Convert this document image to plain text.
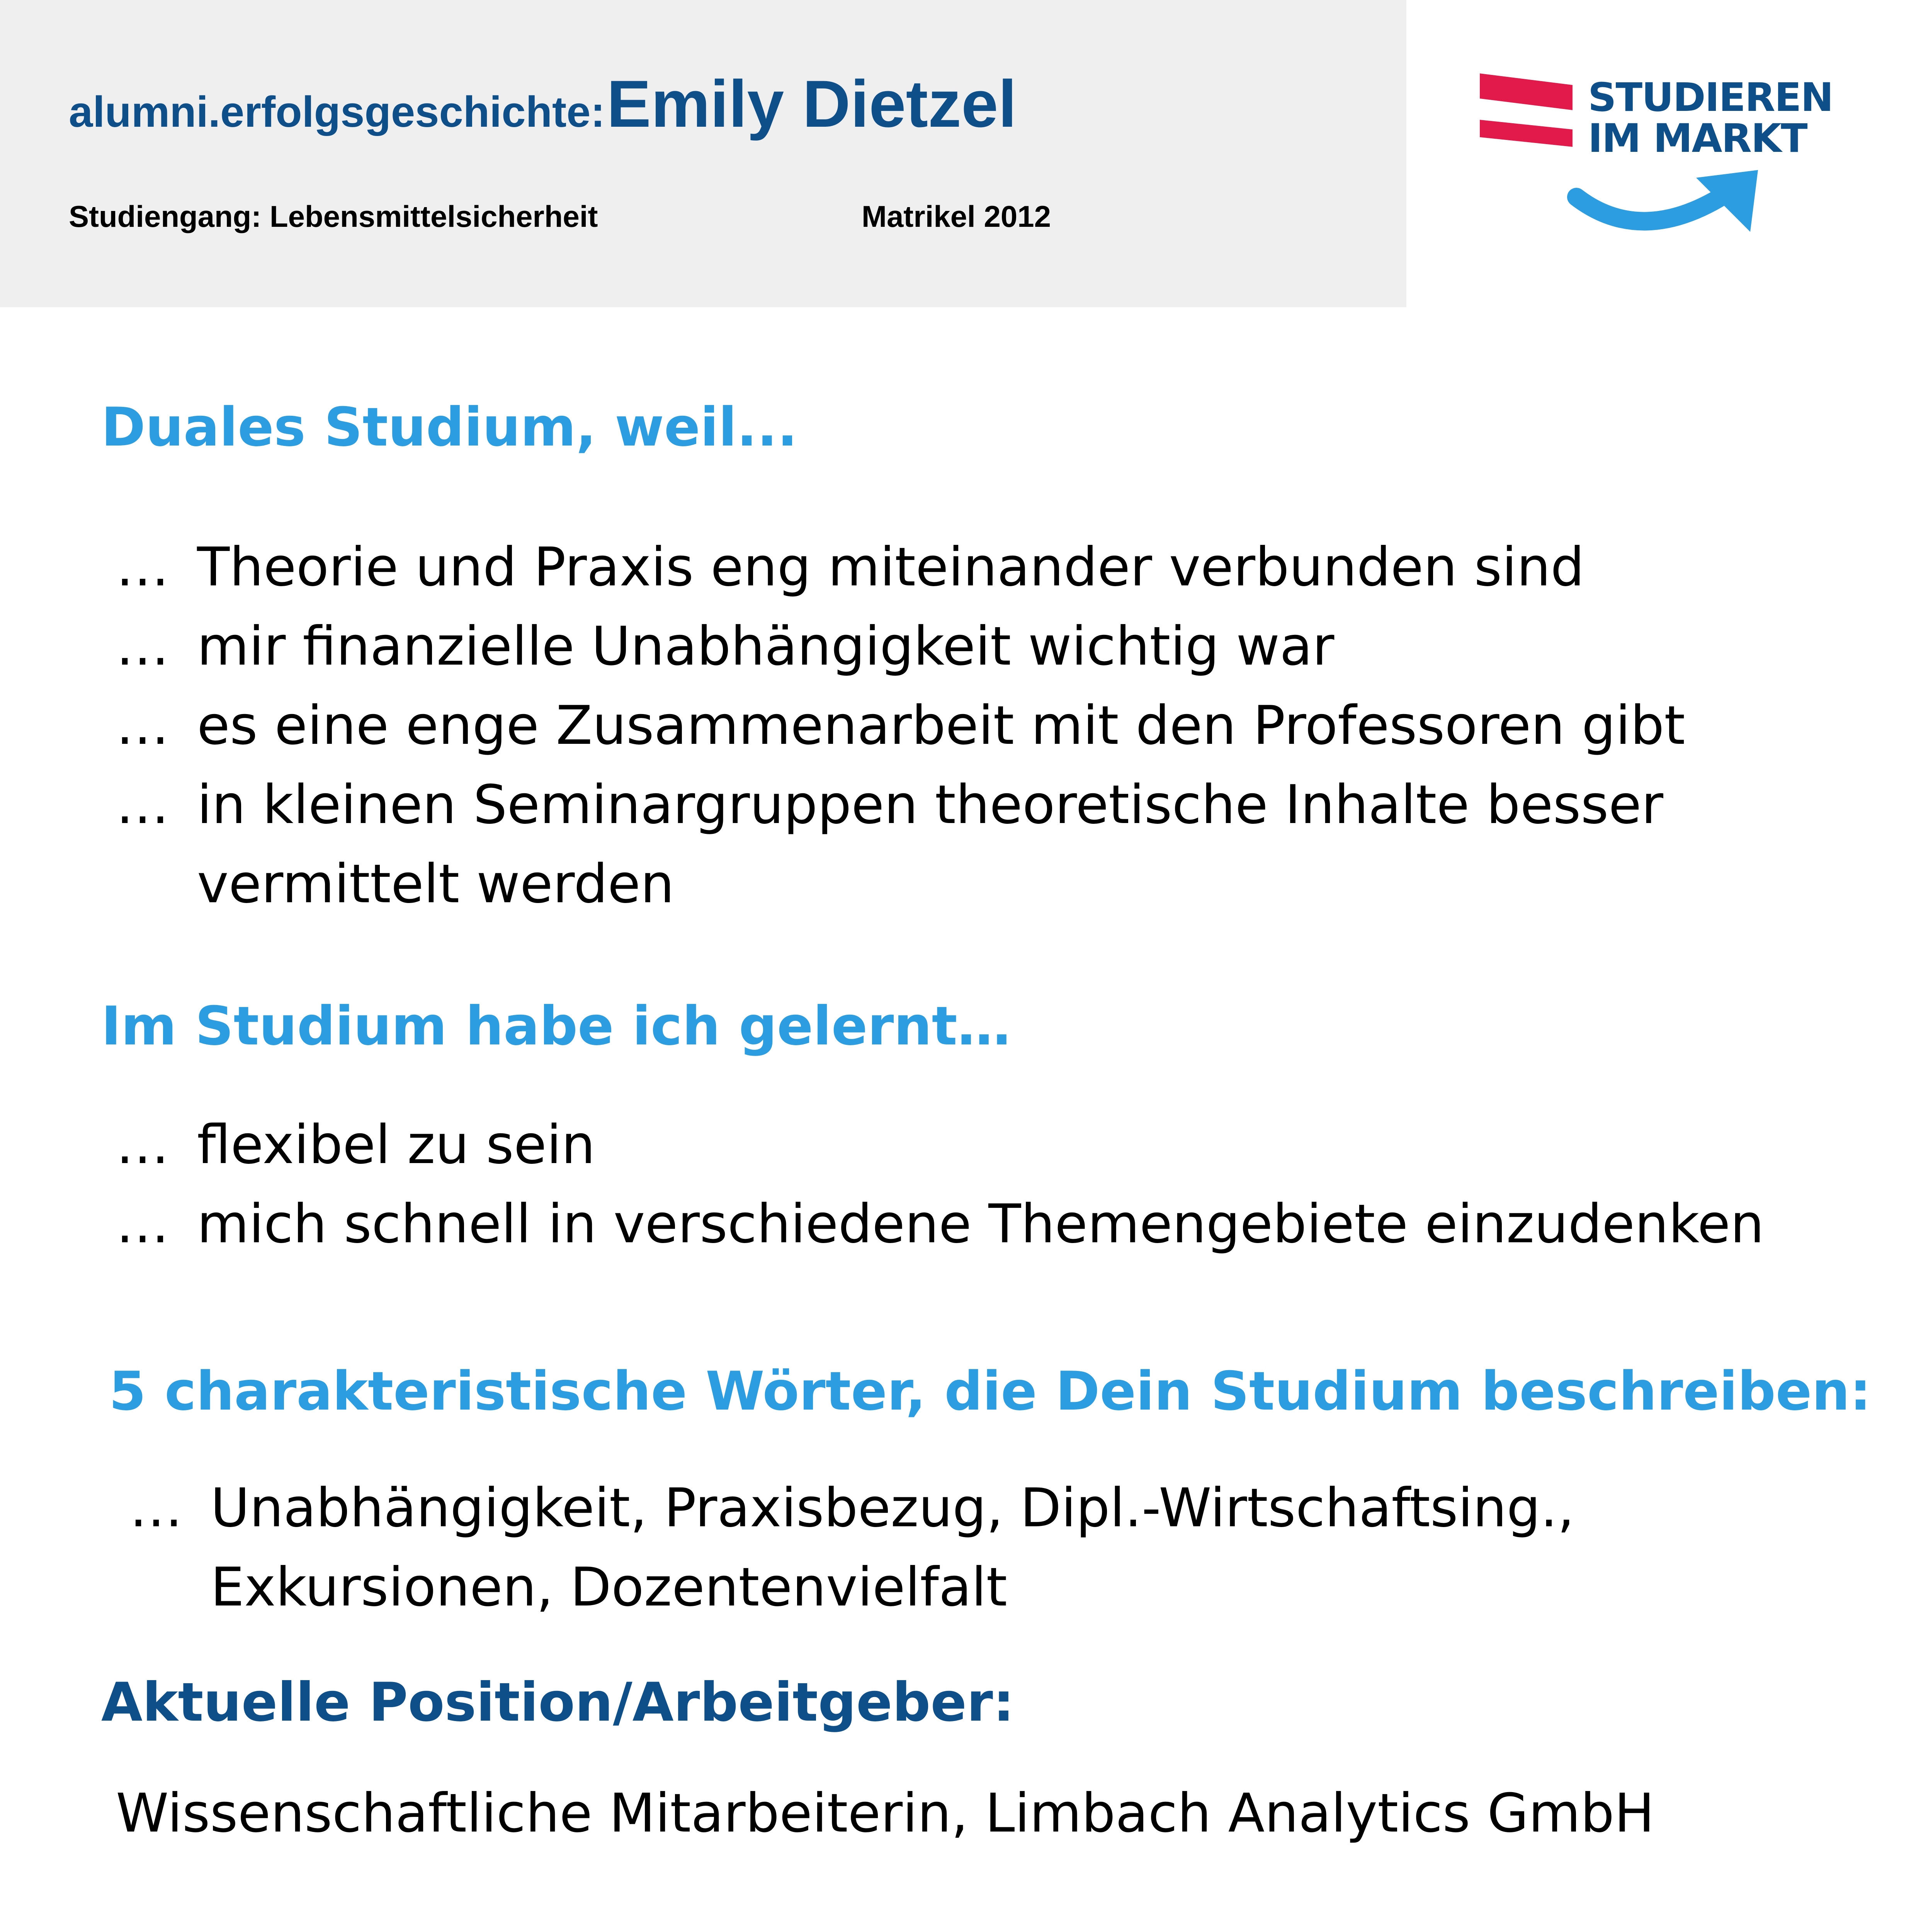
alumni.erfolgsgeschichte: Emily Dietzel
Studiengang: Lebensmittelsicherheit	Matrikel 2012
STUDIEREN
IM MARKT
Duales Studium, weil...
… Theorie und Praxis eng miteinander verbunden sind
… mir finanzielle Unabhängigkeit wichtig war
… es eine enge Zusammenarbeit mit den Professoren gibt
… in kleinen Seminargruppen theoretische Inhalte besser
vermittelt werden
Im Studium habe ich gelernt…
… flexibel zu sein
… mich schnell in verschiedene Themengebiete einzudenken
5 charakteristische Wörter, die Dein Studium beschreiben:
… Unabhängigkeit, Praxisbezug, Dipl.-Wirtschaftsing.,
Exkursionen, Dozentenvielfalt
Aktuelle Position/Arbeitgeber:
Wissenschaftliche Mitarbeiterin, Limbach Analytics GmbH
